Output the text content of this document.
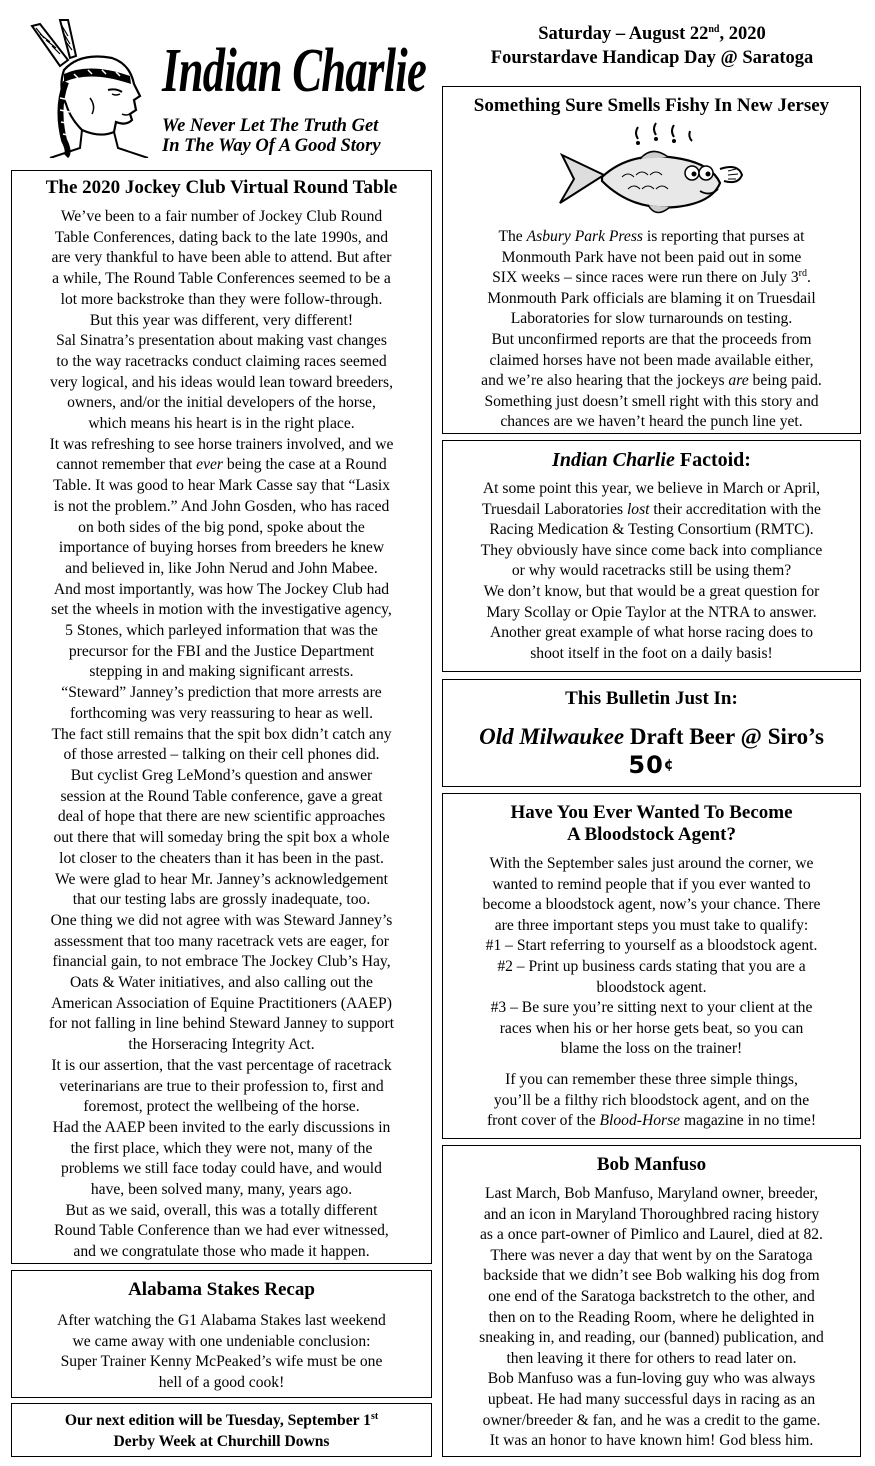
Indian Charlie
We Never Let The Truth Get
In The Way Of A Good Story
Saturday – August 22nd, 2020
Fourstardave Handicap Day @ Saratoga
The 2020 Jockey Club Virtual Round Table
We’ve been to a fair number of Jockey Club Round
Table Conferences, dating back to the late 1990s, and
are very thankful to have been able to attend. But after
a while, The Round Table Conferences seemed to be a
lot more backstroke than they were follow-through.
But this year was different, very different!
Sal Sinatra’s presentation about making vast changes
to the way racetracks conduct claiming races seemed
very logical, and his ideas would lean toward breeders,
owners, and/or the initial developers of the horse,
which means his heart is in the right place.
It was refreshing to see horse trainers involved, and we
cannot remember that ever being the case at a Round
Table. It was good to hear Mark Casse say that “Lasix
is not the problem.” And John Gosden, who has raced
on both sides of the big pond, spoke about the
importance of buying horses from breeders he knew
and believed in, like John Nerud and John Mabee.
And most importantly, was how The Jockey Club had
set the wheels in motion with the investigative agency,
5 Stones, which parleyed information that was the
precursor for the FBI and the Justice Department
stepping in and making significant arrests.
“Steward” Janney’s prediction that more arrests are
forthcoming was very reassuring to hear as well.
The fact still remains that the spit box didn’t catch any
of those arrested – talking on their cell phones did.
But cyclist Greg LeMond’s question and answer
session at the Round Table conference, gave a great
deal of hope that there are new scientific approaches
out there that will someday bring the spit box a whole
lot closer to the cheaters than it has been in the past.
We were glad to hear Mr. Janney’s acknowledgement
that our testing labs are grossly inadequate, too.
One thing we did not agree with was Steward Janney’s
assessment that too many racetrack vets are eager, for
financial gain, to not embrace The Jockey Club’s Hay,
Oats & Water initiatives, and also calling out the
American Association of Equine Practitioners (AAEP)
for not falling in line behind Steward Janney to support
the Horseracing Integrity Act.
It is our assertion, that the vast percentage of racetrack
veterinarians are true to their profession to, first and
foremost, protect the wellbeing of the horse.
Had the AAEP been invited to the early discussions in
the first place, which they were not, many of the
problems we still face today could have, and would
have, been solved many, many, years ago.
But as we said, overall, this was a totally different
Round Table Conference than we had ever witnessed,
and we congratulate those who made it happen.
Alabama Stakes Recap
After watching the G1 Alabama Stakes last weekend
we came away with one undeniable conclusion:
Super Trainer Kenny McPeaked’s wife must be one
hell of a good cook!
Our next edition will be Tuesday, September 1st
Derby Week at Churchill Downs
Something Sure Smells Fishy In New Jersey
The Asbury Park Press is reporting that purses at
Monmouth Park have not been paid out in some
SIX weeks – since races were run there on July 3rd.
Monmouth Park officials are blaming it on Truesdail
Laboratories for slow turnarounds on testing.
But unconfirmed reports are that the proceeds from
claimed horses have not been made available either,
and we’re also hearing that the jockeys are being paid.
Something just doesn’t smell right with this story and
chances are we haven’t heard the punch line yet.
Indian Charlie Factoid:
At some point this year, we believe in March or April,
Truesdail Laboratories lost their accreditation with the
Racing Medication & Testing Consortium (RMTC).
They obviously have since come back into compliance
or why would racetracks still be using them?
We don’t know, but that would be a great question for
Mary Scollay or Opie Taylor at the NTRA to answer.
Another great example of what horse racing does to
shoot itself in the foot on a daily basis!
This Bulletin Just In:
Old Milwaukee Draft Beer @ Siro’s
50¢
Have You Ever Wanted To Become
A Bloodstock Agent?
With the September sales just around the corner, we
wanted to remind people that if you ever wanted to
become a bloodstock agent, now’s your chance. There
are three important steps you must take to qualify:
#1 – Start referring to yourself as a bloodstock agent.
#2 – Print up business cards stating that you are a
bloodstock agent.
#3 – Be sure you’re sitting next to your client at the
races when his or her horse gets beat, so you can
blame the loss on the trainer!
If you can remember these three simple things,
you’ll be a filthy rich bloodstock agent, and on the
front cover of the Blood-Horse magazine in no time!
Bob Manfuso
Last March, Bob Manfuso, Maryland owner, breeder,
and an icon in Maryland Thoroughbred racing history
as a once part-owner of Pimlico and Laurel, died at 82.
There was never a day that went by on the Saratoga
backside that we didn’t see Bob walking his dog from
one end of the Saratoga backstretch to the other, and
then on to the Reading Room, where he delighted in
sneaking in, and reading, our (banned) publication, and
then leaving it there for others to read later on.
Bob Manfuso was a fun-loving guy who was always
upbeat. He had many successful days in racing as an
owner/breeder & fan, and he was a credit to the game.
It was an honor to have known him! God bless him.
